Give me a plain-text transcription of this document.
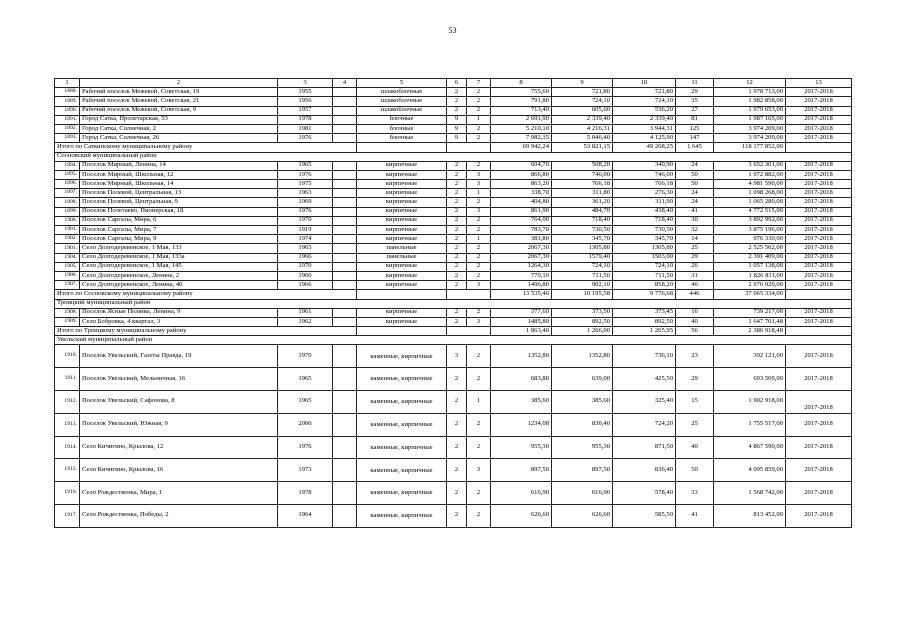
53
1	2	3	4	5	6	7	8	9	10	11	12	13
1888.	Рабочий поселок Межевой, Советская, 19	1955		шлакоблочные	2	2	755,60	721,80	721,80	29	1 978 713,00	2017-2018
1889.	Рабочий поселок Межевой, Советская, 21	1956		шлакоблочные	2	2	791,80	724,10	724,10	35	1 982 858,00	2017-2018
1890.	Рабочий поселок Межевой, Советская, 9	1957		шлакоблочные	2	2	713,40	605,60	536,20	27	1 979 653,00	2017-2018
1891.	Город Сатка, Пролетарская, 53	1978		блочные	9	1	2 691,90	2 339,40	2 339,40	81	1 987 105,00	2017-2018
1892.	Город Сатка, Солнечная, 2	1981		блочные	9	2	5 210,10	4 216,31	3 944,31	125	3 974 209,00	2017-2018
1893.	Город Сатка, Солнечная, 26	1976		блочные	9	2	7 982,35	5 046,40	4 125,90	147	3 974 209,00	2017-2018
Итого по Саткинскому муниципальному району							69 942,24	53 821,15	49 268,25	1 645	118 177 852,00	
Сосновский муниципальный район												
1894.	Поселок Мирный, Ленина, 14	1965		кирпичные	2	2	604,70	508,20	340,90	24	3 652 301,00	2017-2018
1895.	Поселок Мирный, Школьная, 12	1976		кирпичные	2	3	866,80	746,00	746,00	50	1 972 882,00	2017-2018
1896.	Поселок Мирный, Школьная, 14	1975		кирпичные	2	3	863,20	766,18	766,18	50	4 981 590,00	2017-2018
1897.	Поселок Полевой, Центральная, 13	1963		кирпичные	2	1	338,70	311,80	276,30	24	1 098 268,00	2017-2018
1898.	Поселок Полевой, Центральная, 9	1969		кирпичные	2	2	404,80	361,20	311,90	24	1 065 280,00	2017-2018
1899.	Поселок Полетаево, Пионерская, 18	1976		кирпичные	2	3	861,90	484,70	438,40	41	4 772 515,00	2017-2018
1900.	Поселок Саргазы, Мира, 6	1970		кирпичные	2	2	764,00	718,40	718,40	30	3 892 992,00	2017-2018
1901.	Поселок Саргазы, Мира, 7	1919		кирпичные	2	2	783,70	730,50	730,50	32	3 875 196,00	2017-2018
1902.	Поселок Саргазы, Мира, 9	1974		кирпичные	2	1	381,80	345,70	345,70	14	976 330,00	2017-2018
1903.	Село Долгодеревенское, 1 Мая, 133	1965		панельные	2	2	2067,30	1305,80	1305,80	25	2 525 502,00	2017-2018
1904.	Село Долгодеревенское, 1 Мая, 133а	1966		панельные	2	2	2067,30	1579,40	1503,00	29	2 391 409,00	2017-2018
1905.	Село Долгодеревенское, 1 Мая, 145	1970		кирпичные	2	2	1264,30	724,10	724,10	26	1 057 138,00	2017-2018
1906.	Село Долгодеревенское, Ленина, 2	1960		кирпичные	2	2	770,10	711,50	711,50	31	1 826 811,00	2017-2018
1907.	Село Долгодеревенское, Ленина, 40	1966		кирпичные	2	3	1496,80	902,10	858,20	46	2 976 920,00	2017-2018
Итого по Сосновскому муниципальному району							13 535,40	10 195,58	9 776,68	446	37 065 334,00	
Троицкий муниципальный район												
1908.	Поселок Ясные Поляны, Ленина, 9	1961		кирпичные	2	2	377,60	373,50	373,45	16	739 217,00	2017-2018
1909.	Село Бобровка, 4 квартал, 3	1962		кирпичные	2	3	1485,80	892,50	892,50	40	1 647 701,48	2017-2018
Итого по Троицкому муниципальному району							1 863,40	1 266,00	1 265,95	56	2 386 918,48	
Увельский муниципальный район												
1910.	Поселок Увельский, Газеты Правда, 19	1970		каменные, кирпичные	3	2	1352,80	1352,80	736,10	23	392 121,00	2017-2018
1911.	Поселок Увельский, Мельничная, 16	1965		каменные, кирпичные	2	2	683,80	639,00	425,50	29	693 509,00	2017-2018
1912.	Поселок Увельский, Сафонова, 8	1965		каменные, кирпичные	2	1	385,60	385,60	325,40	15	1 902 918,00	2017-2018
1913.	Поселок Увельский, Южная, 9	2000		каменные, кирпичные	2	2	1234,08	830,40	724,20	25	1 755 517,00	2017-2018
1914.	Село Кичигино, Крылова, 12	1976		каменные, кирпичные	2	2	955,30	955,30	871,50	40	4 867 590,00	2017-2018
1915.	Село Кичигино, Крылова, 16	1973		каменные, кирпичные	2	3	897,50	897,50	836,40	50	4 095 859,00	2017-2018
1916.	Село Рождественка, Мира, 1	1978		каменные, кирпичные	2	2	616,90	616,90	578,40	33	1 568 742,00	2017-2018
1917.	Село Рождественка, Победы, 2	1964		каменные, кирпичные	2	2	626,60	626,60	585,50	41	813 452,00	2017-2018
